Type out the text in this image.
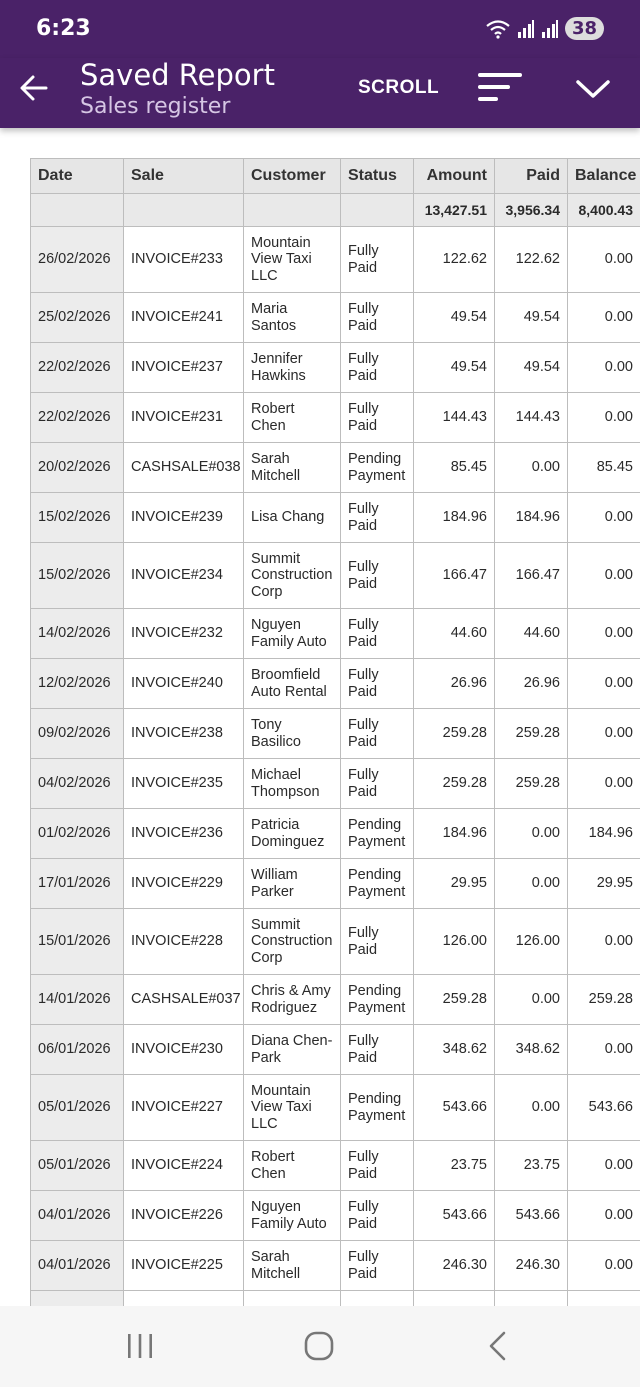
6:23	38
Saved Report
Sales register
SCROLL
Date	Sale	Customer	Status	Amount	Paid	Balance
				13,427.51	3,956.34	8,400.43
26/02/2026	INVOICE#233	Mountain View Taxi LLC	Fully Paid	122.62	122.62	0.00
25/02/2026	INVOICE#241	Maria Santos	Fully Paid	49.54	49.54	0.00
22/02/2026	INVOICE#237	Jennifer Hawkins	Fully Paid	49.54	49.54	0.00
22/02/2026	INVOICE#231	Robert Chen	Fully Paid	144.43	144.43	0.00
20/02/2026	CASHSALE#038	Sarah Mitchell	Pending Payment	85.45	0.00	85.45
15/02/2026	INVOICE#239	Lisa Chang	Fully Paid	184.96	184.96	0.00
15/02/2026	INVOICE#234	Summit Construction Corp	Fully Paid	166.47	166.47	0.00
14/02/2026	INVOICE#232	Nguyen Family Auto	Fully Paid	44.60	44.60	0.00
12/02/2026	INVOICE#240	Broomfield Auto Rental	Fully Paid	26.96	26.96	0.00
09/02/2026	INVOICE#238	Tony Basilico	Fully Paid	259.28	259.28	0.00
04/02/2026	INVOICE#235	Michael Thompson	Fully Paid	259.28	259.28	0.00
01/02/2026	INVOICE#236	Patricia Dominguez	Pending Payment	184.96	0.00	184.96
17/01/2026	INVOICE#229	William Parker	Pending Payment	29.95	0.00	29.95
15/01/2026	INVOICE#228	Summit Construction Corp	Fully Paid	126.00	126.00	0.00
14/01/2026	CASHSALE#037	Chris & Amy Rodriguez	Pending Payment	259.28	0.00	259.28
06/01/2026	INVOICE#230	Diana Chen-Park	Fully Paid	348.62	348.62	0.00
05/01/2026	INVOICE#227	Mountain View Taxi LLC	Pending Payment	543.66	0.00	543.66
05/01/2026	INVOICE#224	Robert Chen	Fully Paid	23.75	23.75	0.00
04/01/2026	INVOICE#226	Nguyen Family Auto	Fully Paid	543.66	543.66	0.00
04/01/2026	INVOICE#225	Sarah Mitchell	Fully Paid	246.30	246.30	0.00
